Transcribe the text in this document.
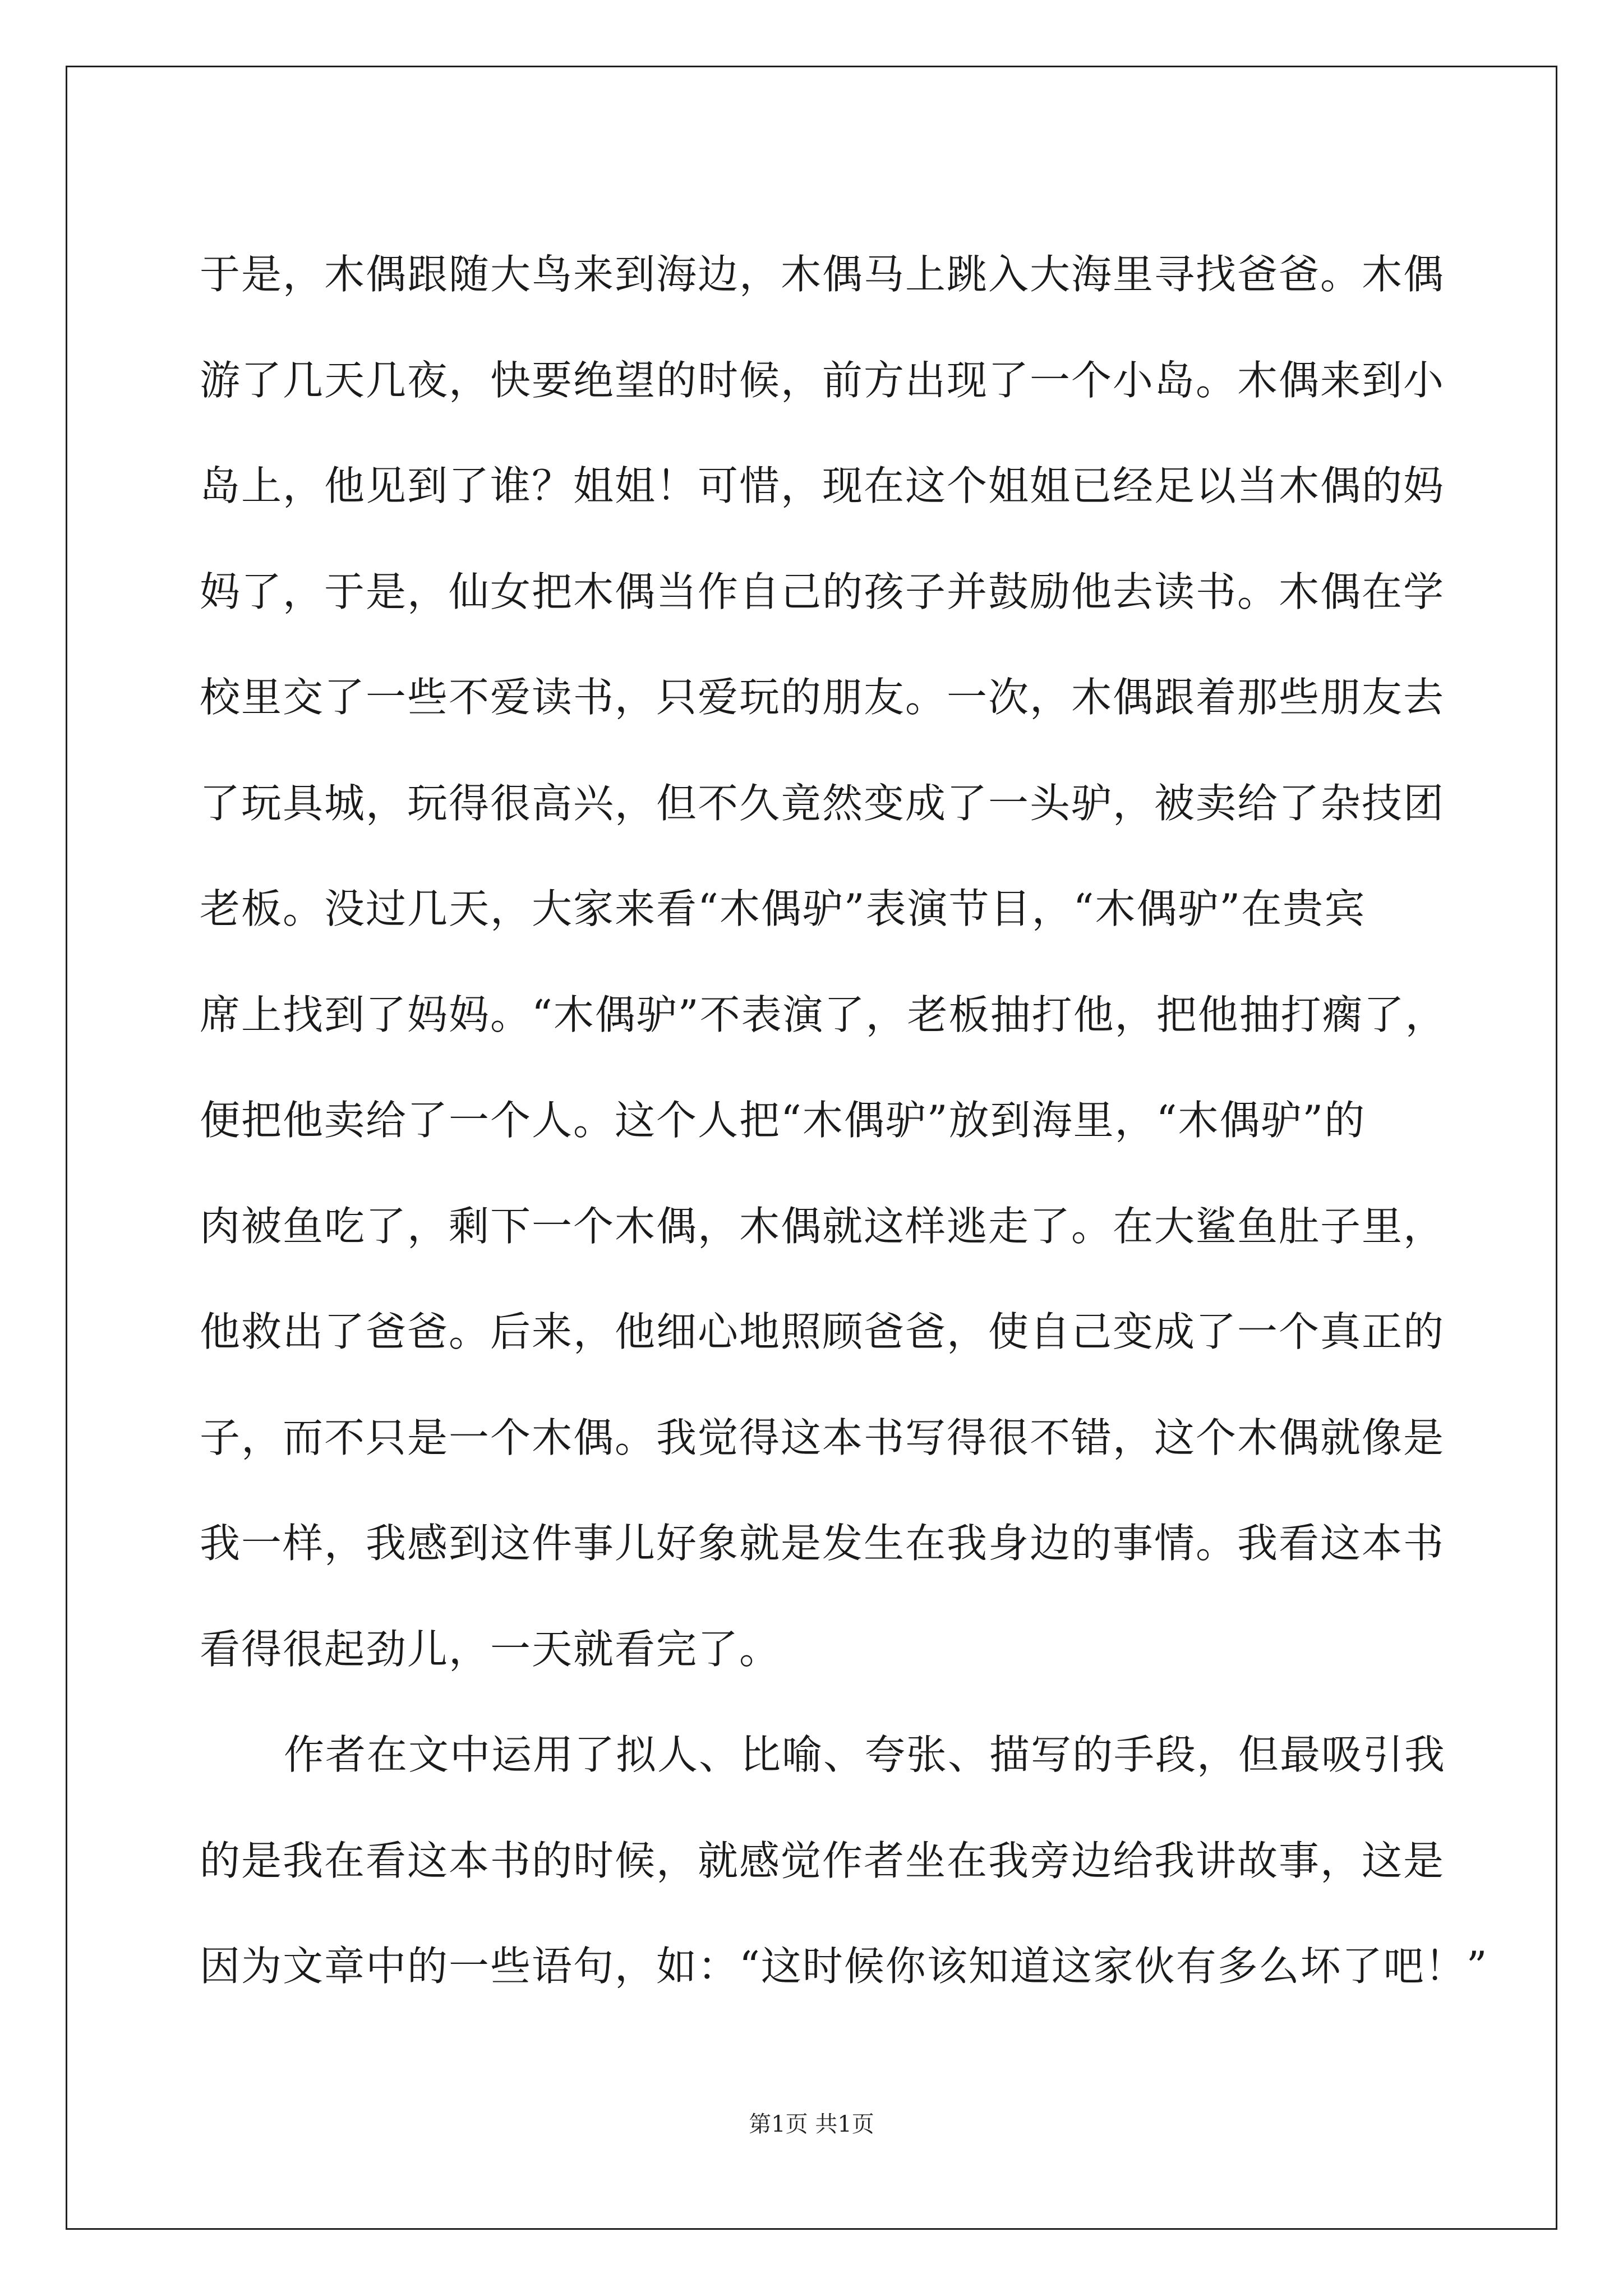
于是，木偶跟随大鸟来到海边，木偶马上跳入大海里寻找爸爸。木偶
游了几天几夜，快要绝望的时候，前方出现了一个小岛。木偶来到小
岛上，他见到了谁？姐姐！可惜，现在这个姐姐已经足以当木偶的妈
妈了，于是，仙女把木偶当作自己的孩子并鼓励他去读书。木偶在学
校里交了一些不爱读书，只爱玩的朋友。一次，木偶跟着那些朋友去
了玩具城，玩得很高兴，但不久竟然变成了一头驴，被卖给了杂技团
老板。没过几天，大家来看“木偶驴”表演节目，“木偶驴”在贵宾
席上找到了妈妈。“木偶驴”不表演了，老板抽打他，把他抽打瘸了，
便把他卖给了一个人。这个人把“木偶驴”放到海里，“木偶驴”的
肉被鱼吃了，剩下一个木偶，木偶就这样逃走了。在大鲨鱼肚子里，
他救出了爸爸。后来，他细心地照顾爸爸，使自己变成了一个真正的
子，而不只是一个木偶。我觉得这本书写得很不错，这个木偶就像是
我一样，我感到这件事儿好象就是发生在我身边的事情。我看这本书
看得很起劲儿，一天就看完了。
作者在文中运用了拟人、比喻、夸张、描写的手段，但最吸引我
的是我在看这本书的时候，就感觉作者坐在我旁边给我讲故事，这是
因为文章中的一些语句，如：“这时候你该知道这家伙有多么坏了吧！”
第1页 共1页
